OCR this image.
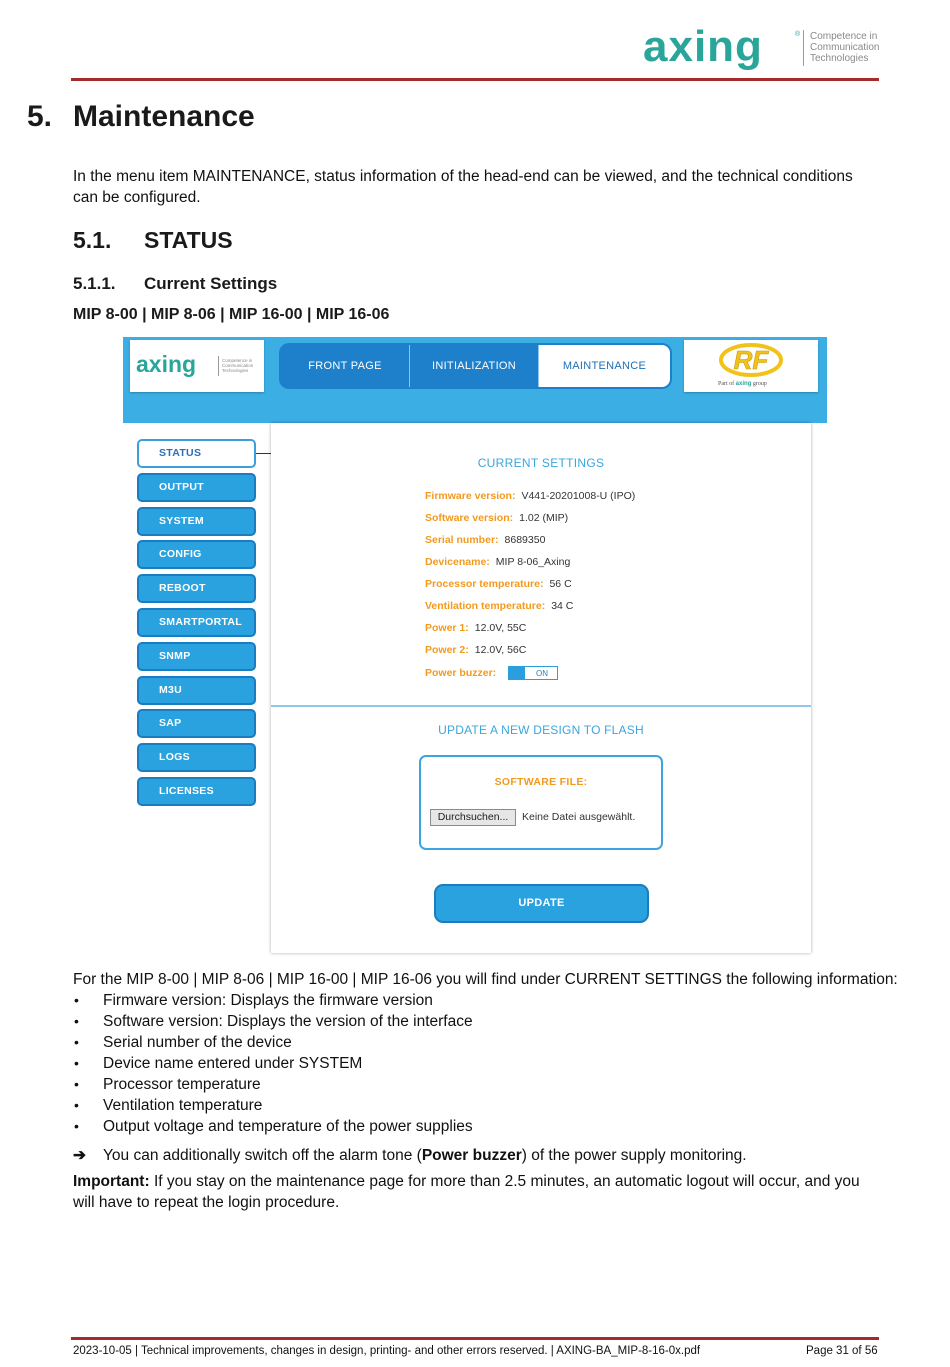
axing	® Competence in Communication Technologies
5. Maintenance
In the menu item MAINTENANCE, status information of the head-end can be viewed, and the technical conditions can be configured.
5.1. STATUS
5.1.1. Current Settings
MIP 8-00 | MIP 8-06 | MIP 16-00 | MIP 16-06
axing	Competence in Communication Technologies	FRONT PAGE	INITIALIZATION	MAINTENANCE	RF
Part of axing group
STATUS
OUTPUT
SYSTEM
CONFIG
REBOOT
SMARTPORTAL
SNMP
M3U
SAP
LOGS
LICENSES
CURRENT SETTINGS
Firmware version: V441-20201008-U (IPO)
Software version: 1.02 (MIP)
Serial number: 8689350
Devicename: MIP 8-06_Axing
Processor temperature: 56 C
Ventilation temperature: 34 C
Power 1: 12.0V, 55C
Power 2: 12.0V, 56C
Power buzzer:	ON
UPDATE A NEW DESIGN TO FLASH
SOFTWARE FILE:
Durchsuchen...	Keine Datei ausgewählt.
UPDATE
For the MIP 8-00 | MIP 8-06 | MIP 16-00 | MIP 16-06 you will find under CURRENT SETTINGS the following information:
• Firmware version: Displays the firmware version
• Software version: Displays the version of the interface
• Serial number of the device
• Device name entered under SYSTEM
• Processor temperature
• Ventilation temperature
• Output voltage and temperature of the power supplies
➔ You can additionally switch off the alarm tone (Power buzzer) of the power supply monitoring.
Important: If you stay on the maintenance page for more than 2.5 minutes, an automatic logout will occur, and you will have to repeat the login procedure.
2023-10-05 | Technical improvements, changes in design, printing- and other errors reserved. | AXING-BA_MIP-8-16-0x.pdf	Page 31 of 56
